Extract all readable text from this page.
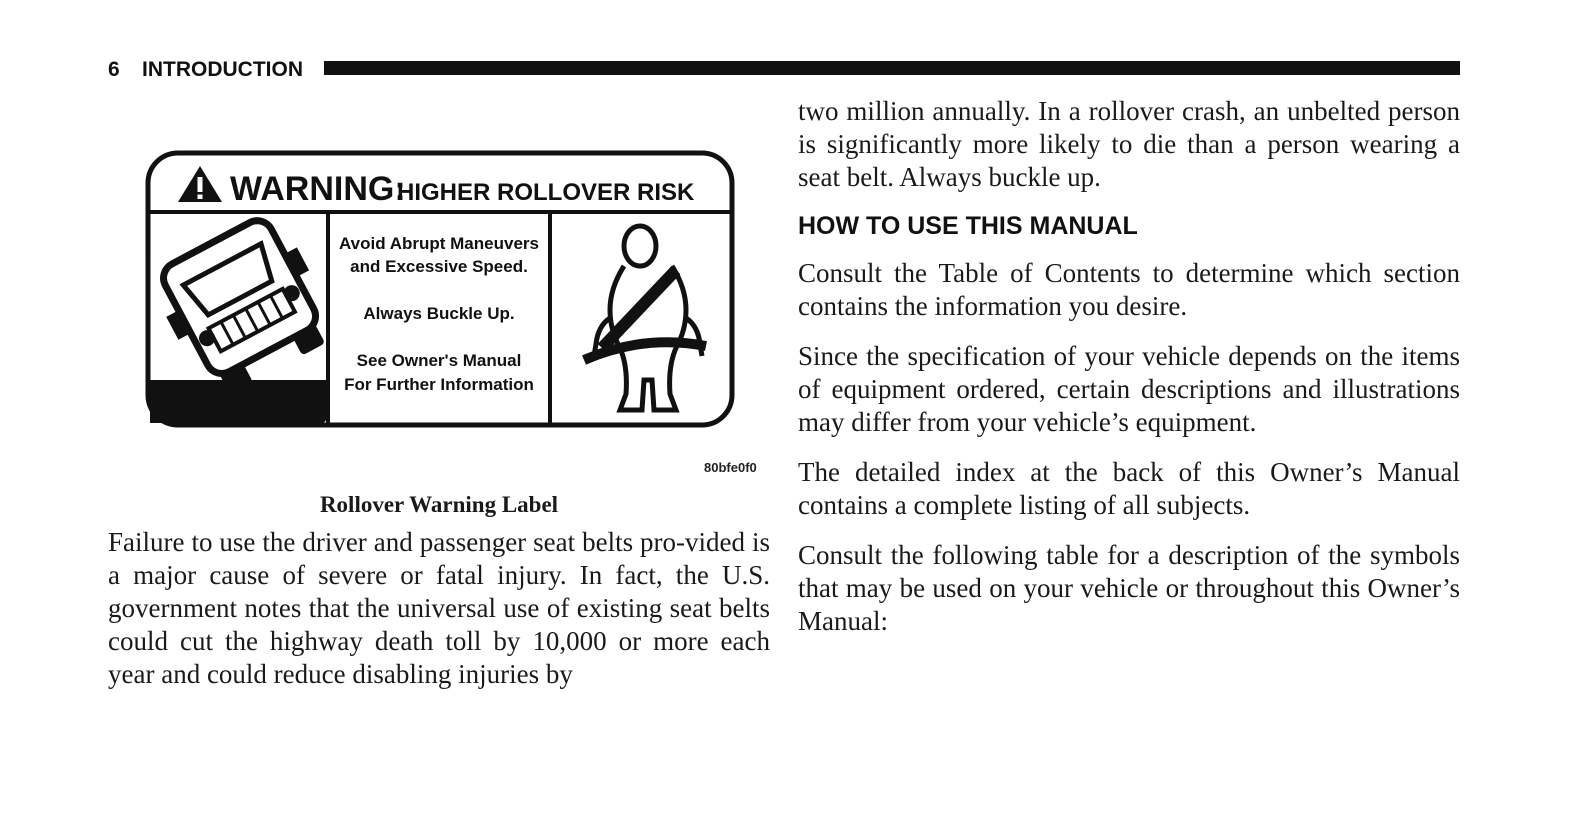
6 INTRODUCTION
WARNING:
HIGHER ROLLOVER RISK
Avoid Abrupt Maneuvers
and Excessive Speed.
Always Buckle Up.
See Owner's Manual
For Further Information
80bfe0f0
Rollover Warning Label

Failure to use the driver and passenger seat belts pro-vided is a major cause of severe or fatal injury. In fact, the U.S. government notes that the universal use of existing seat belts could cut the highway death toll by 10,000 or more each year and could reduce disabling injuries by

two million annually. In a rollover crash, an unbelted person is significantly more likely to die than a person wearing a seat belt. Always buckle up.

HOW TO USE THIS MANUAL

Consult the Table of Contents to determine which section contains the information you desire.

Since the specification of your vehicle depends on the items of equipment ordered, certain descriptions and illustrations may differ from your vehicle’s equipment.

The detailed index at the back of this Owner’s Manual contains a complete listing of all subjects.

Consult the following table for a description of the symbols that may be used on your vehicle or throughout this Owner’s Manual:
